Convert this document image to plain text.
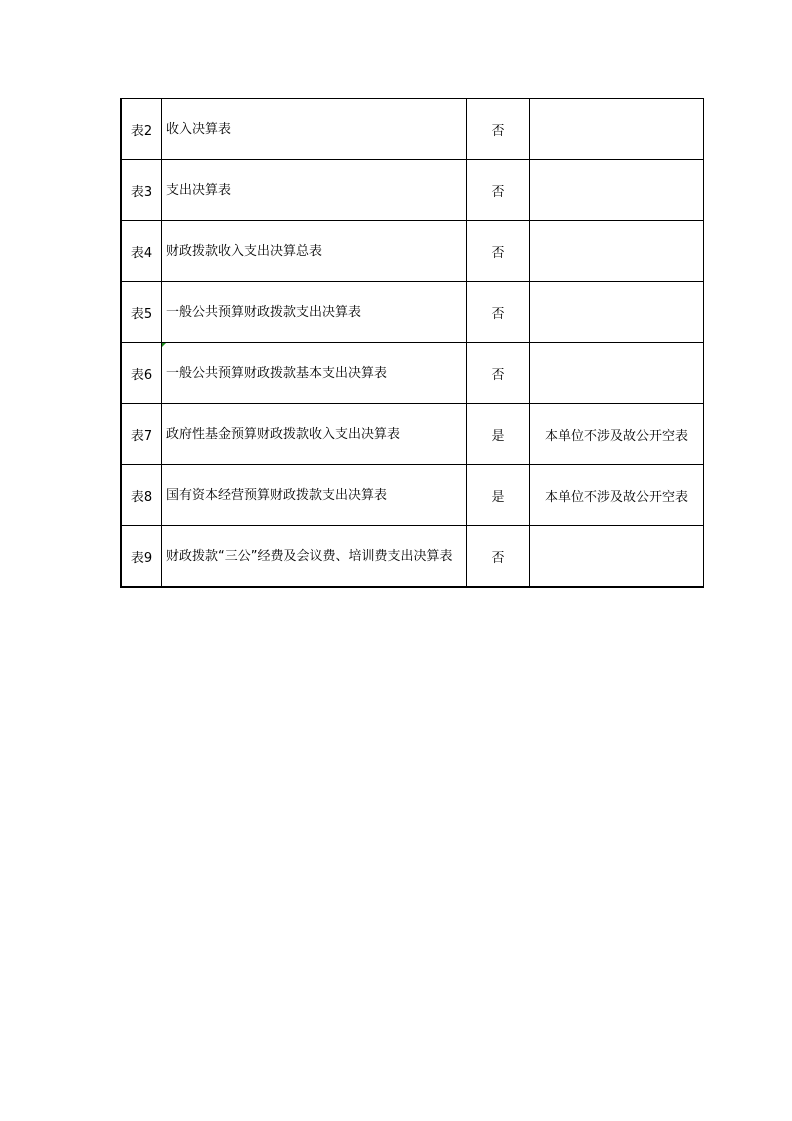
表2	收入决算表	否	
表3	支出决算表	否	
表4	财政拨款收入支出决算总表	否	
表5	一般公共预算财政拨款支出决算表	否	
表6	一般公共预算财政拨款基本支出决算表	否	
表7	政府性基金预算财政拨款收入支出决算表	是	本单位不涉及故公开空表
表8	国有资本经营预算财政拨款支出决算表	是	本单位不涉及故公开空表
表9	财政拨款“三公”经费及会议费、培训费支出决算表	否	
